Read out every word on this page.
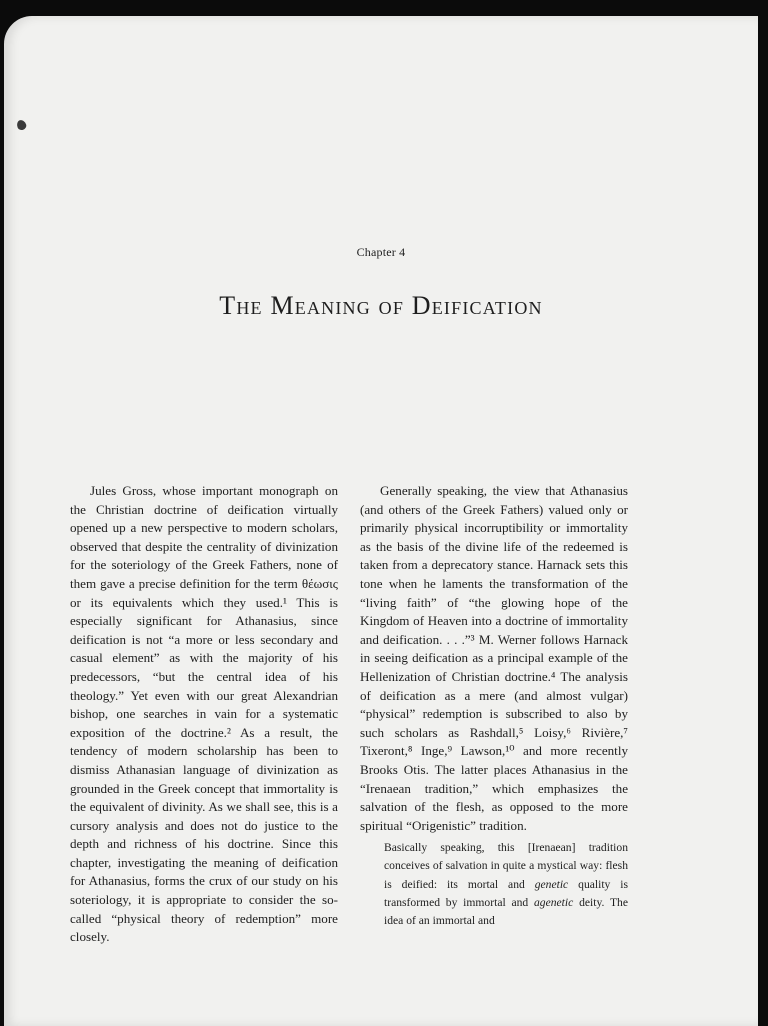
Chapter 4
The Meaning of Deification

Jules Gross, whose important monograph on the Christian doctrine of deification virtually opened up a new perspective to modern scholars, observed that despite the centrality of divinization for the soteriology of the Greek Fathers, none of them gave a precise definition for the term θέωσις or its equivalents which they used.¹ This is especially significant for Athanasius, since deification is not “a more or less secondary and casual element” as with the majority of his predecessors, “but the central idea of his theology.” Yet even with our great Alexandrian bishop, one searches in vain for a systematic exposition of the doctrine.² As a result, the tendency of modern scholarship has been to dismiss Athanasian language of divinization as grounded in the Greek concept that immortality is the equivalent of divinity. As we shall see, this is a cursory analysis and does not do justice to the depth and richness of his doctrine. Since this chapter, investigating the meaning of deification for Athanasius, forms the crux of our study on his soteriology, it is appropriate to consider the so-called “physical theory of redemption” more closely.

Generally speaking, the view that Athanasius (and others of the Greek Fathers) valued only or primarily physical incorruptibility or immortality as the basis of the divine life of the redeemed is taken from a deprecatory stance. Harnack sets this tone when he laments the transformation of the “living faith” of “the glowing hope of the Kingdom of Heaven into a doctrine of immortality and deification. . . .”³ M. Werner follows Harnack in seeing deification as a principal example of the Hellenization of Christian doctrine.⁴ The analysis of deification as a mere (and almost vulgar) “physical” redemption is subscribed to also by such scholars as Rashdall,⁵ Loisy,⁶ Rivière,⁷ Tixeront,⁸ Inge,⁹ Lawson,¹⁰ and more recently Brooks Otis. The latter places Athanasius in the “Irenaean tradition,” which emphasizes the salvation of the flesh, as opposed to the more spiritual “Origenistic” tradition.

Basically speaking, this [Irenaean] tradition conceives of salvation in quite a mystical way: flesh is deified: its mortal and genetic quality is transformed by immortal and agenetic deity. The idea of an immortal and
